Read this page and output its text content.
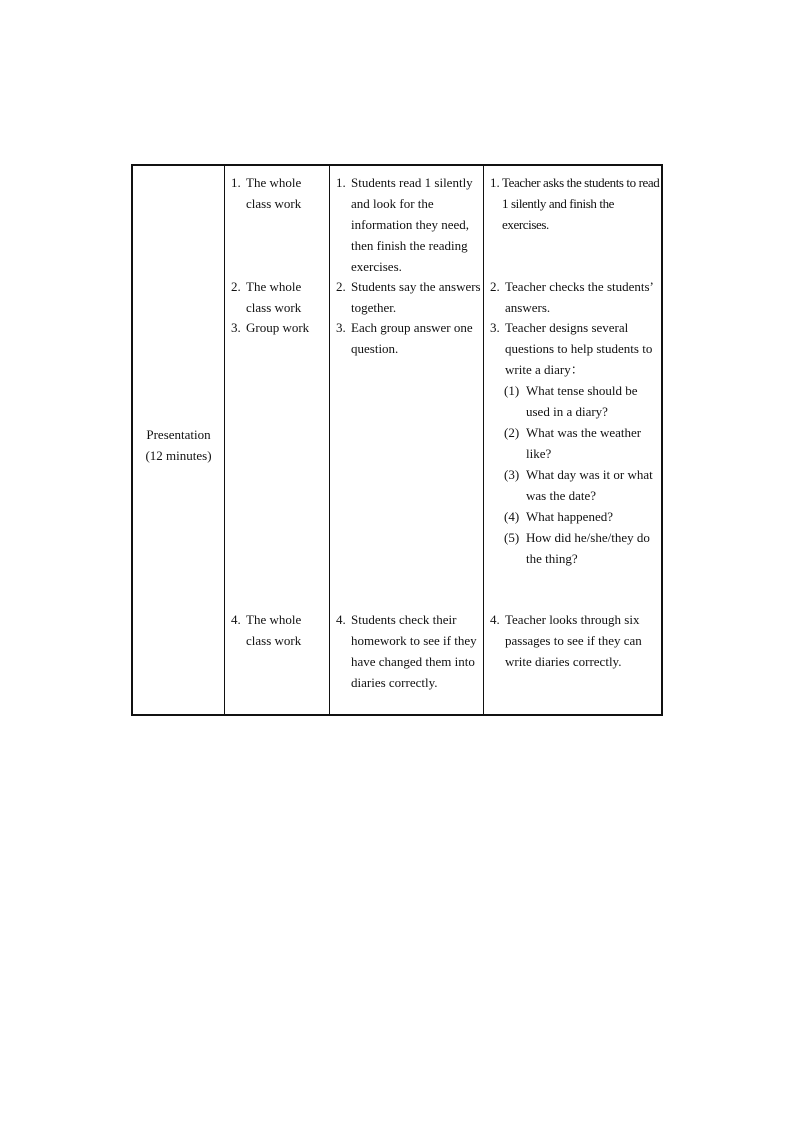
Presentation
(12 minutes)
1. The whole class work
2. The whole class work
3. Group work
4. The whole class work
1. Students read 1 silently and look for the information they need, then finish the reading exercises.
2. Students say the answers together.
3. Each group answer one question.
4. Students check their homework to see if they have changed them into diaries correctly.
1. Teacher asks the students to read 1 silently and finish the exercises.
2. Teacher checks the students’ answers.
3. Teacher designs several questions to help students to write a diary：
(1) What tense should be used in a diary?
(2) What was the weather like?
(3) What day was it or what was the date?
(4) What happened?
(5) How did he/she/they do the thing?
4. Teacher looks through six passages to see if they can write diaries correctly.
